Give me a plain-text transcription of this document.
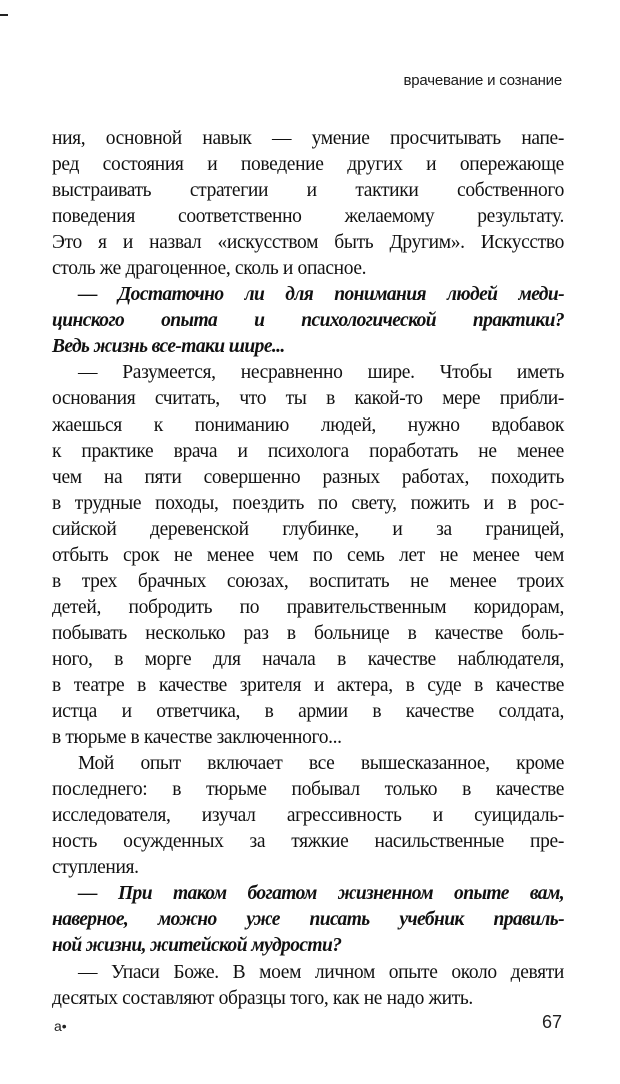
врачевание и сознание
ния, основной навык — умение просчитывать напе-
ред состояния и поведение других и опережающе
выстраивать стратегии и тактики собственного
поведения соответственно желаемому результату.
Это я и назвал «искусством быть Другим». Искусство
столь же драгоценное, сколь и опасное.
— Достаточно ли для понимания людей меди-
цинского опыта и психологической практики?
Ведь жизнь все-таки шире...
— Разумеется, несравненно шире. Чтобы иметь
основания считать, что ты в какой-то мере прибли-
жаешься к пониманию людей, нужно вдобавок
к практике врача и психолога поработать не менее
чем на пяти совершенно разных работах, походить
в трудные походы, поездить по свету, пожить и в рос-
сийской деревенской глубинке, и за границей,
отбыть срок не менее чем по семь лет не менее чем
в трех брачных союзах, воспитать не менее троих
детей, побродить по правительственным коридорам,
побывать несколько раз в больнице в качестве боль-
ного, в морге для начала в качестве наблюдателя,
в театре в качестве зрителя и актера, в суде в качестве
истца и ответчика, в армии в качестве солдата,
в тюрьме в качестве заключенного...
Мой опыт включает все вышесказанное, кроме
последнего: в тюрьме побывал только в качестве
исследователя, изучал агрессивность и суицидаль-
ность осужденных за тяжкие насильственные пре-
ступления.
— При таком богатом жизненном опыте вам,
наверное, можно уже писать учебник правиль-
ной жизни, житейской мудрости?
— Упаси Боже. В моем личном опыте около девяти
десятых составляют образцы того, как не надо жить.
a•	67
